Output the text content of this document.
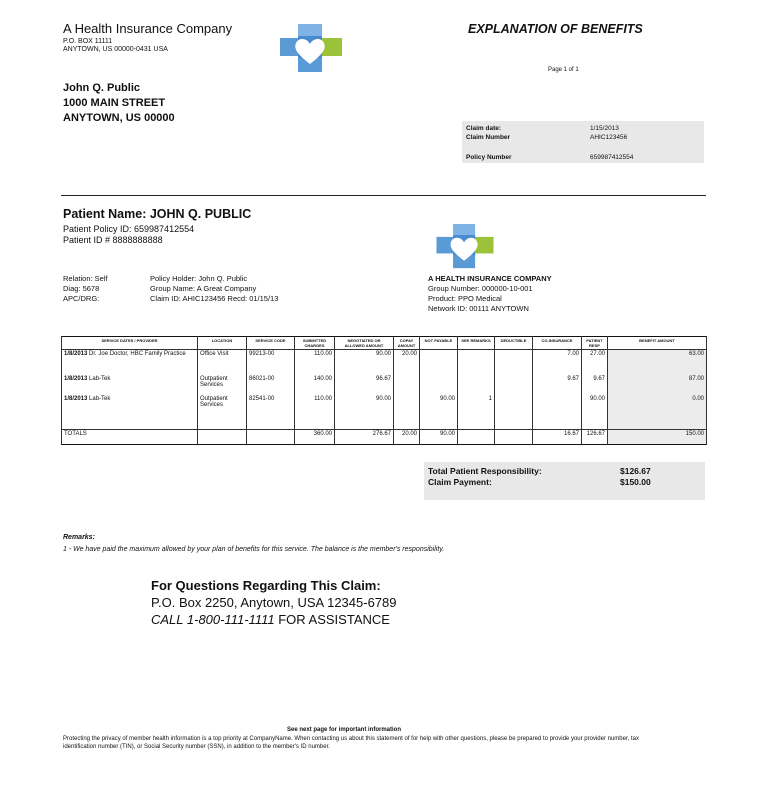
A Health Insurance Company
P.O. BOX 11111
ANYTOWN, US 00000-0431 USA
EXPLANATION OF BENEFITS
Page 1 of 1
John Q. Public
1000 MAIN STREET
ANYTOWN, US 00000
Claim date:	1/15/2013
Claim Number	AHIC123456
Policy Number	659987412554
Patient Name: JOHN Q. PUBLIC
Patient Policy ID: 659987412554
Patient ID # 8888888888
Relation: Self
Diag: 5678
APC/DRG:
Policy Holder: John Q. Public
Group Name: A Great Company
Claim ID: AHIC123456 Recd: 01/15/13
A HEALTH INSURANCE COMPANY
Group Number: 000000-10-001
Product: PPO Medical
Network ID: 00111 ANYTOWN
SERVICE DATES / PROVIDER	LOCATION	SERVICE CODE	SUBMITTED CHARGES	NEGOTIATED OR ALLOWED AMOUNT	COPAY AMOUNT	NOT PAYABLE	SEE REMARKS	DEDUCTIBLE	CO-INSURANCE	PATIENT RESP	BENEFIT AMOUNT
1/8/2013 Dr. Joe Doctor, HBC Family Practice	Office Visit	99213-00	110.00	90.00	20.00				7.00	27.00	63.00
1/8/2013 Lab-Tek	Outpatient Services	86021-00	140.00	96.67					9.67	9.67	87.00
1/8/2013 Lab-Tek	Outpatient Services	82541-00	110.00	90.00		90.00	1			90.00	0.00
TOTALS			360.00	276.67	20.00	90.00			16.67	126.67	150.00
Total Patient Responsibility:	$126.67
Claim Payment:	$150.00
Remarks:
1 - We have paid the maximum allowed by your plan of benefits for this service. The balance is the member's responsibility.
For Questions Regarding This Claim:
P.O. Box 2250, Anytown, USA 12345-6789
CALL 1-800-111-1111 FOR ASSISTANCE
See next page for important information
Protecting the privacy of member health information is a top priority at CompanyName. When contacting us about this statement of for help with other questions, please be prepared to provide your provider number, tax identification number (TIN), or Social Security number (SSN), in addition to the member's ID number.
